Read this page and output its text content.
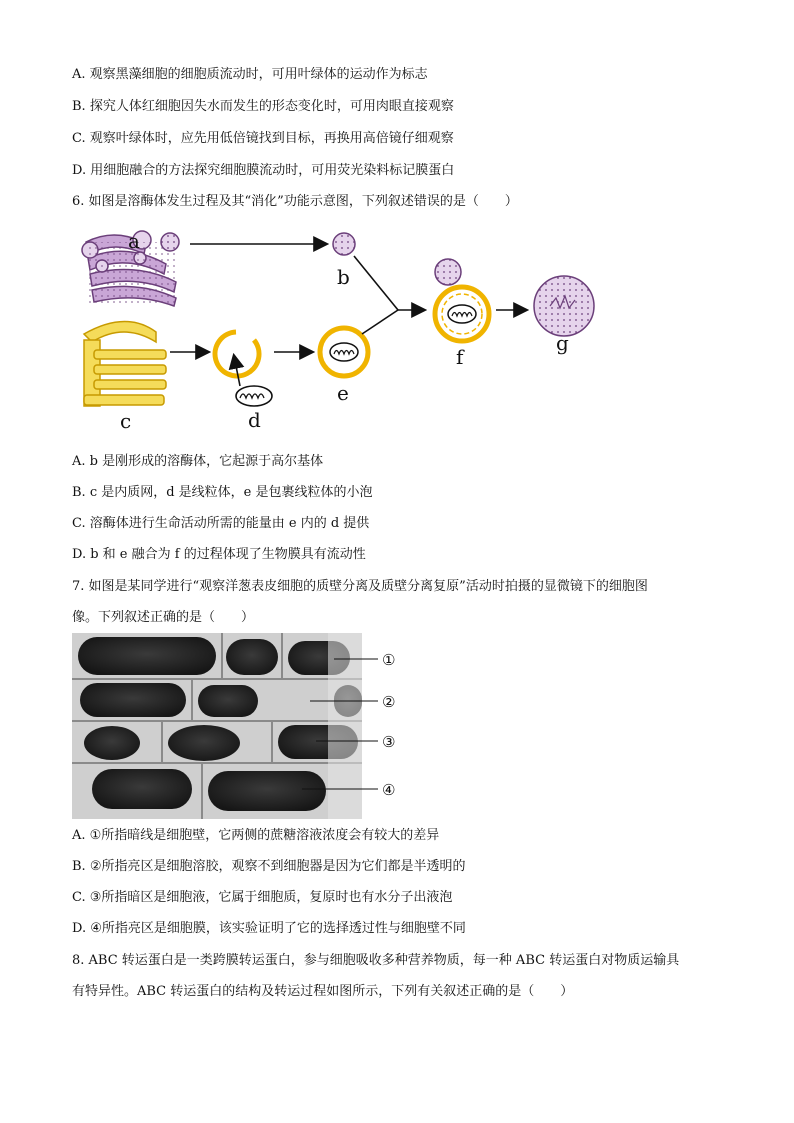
A. 观察黑藻细胞的细胞质流动时，可用叶绿体的运动作为标志
B. 探究人体红细胞因失水而发生的形态变化时，可用肉眼直接观察
C. 观察叶绿体时，应先用低倍镜找到目标，再换用高倍镜仔细观察
D. 用细胞融合的方法探究细胞膜流动时，可用荧光染料标记膜蛋白
6. 如图是溶酶体发生过程及其“消化”功能示意图，下列叙述错误的是（　　）
a
b
c	d
e
f
g
A. b 是刚形成的溶酶体，它起源于高尔基体
B. c 是内质网，d 是线粒体，e 是包裹线粒体的小泡
C. 溶酶体进行生命活动所需的能量由 e 内的 d 提供
D. b 和 e 融合为 f 的过程体现了生物膜具有流动性
7. 如图是某同学进行“观察洋葱表皮细胞的质壁分离及质壁分离复原”活动时拍摄的显微镜下的细胞图
像。下列叙述正确的是（　　）
①
②
③
④
A. ①所指暗线是细胞壁，它两侧的蔗糖溶液浓度会有较大的差异
B. ②所指亮区是细胞溶胶，观察不到细胞器是因为它们都是半透明的
C. ③所指暗区是细胞液，它属于细胞质，复原时也有水分子出液泡
D. ④所指亮区是细胞膜，该实验证明了它的选择透过性与细胞壁不同
8. ABC 转运蛋白是一类跨膜转运蛋白，参与细胞吸收多种营养物质，每一种 ABC 转运蛋白对物质运输具
有特异性。ABC 转运蛋白的结构及转运过程如图所示，下列有关叙述正确的是（　　）
